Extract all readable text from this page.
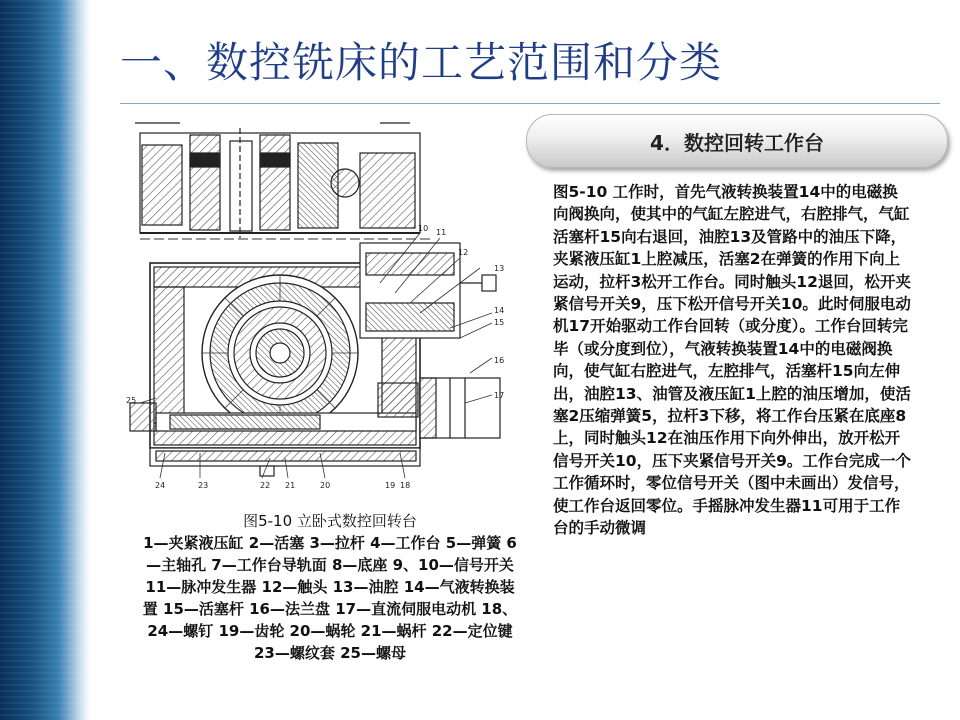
一、数控铣床的工艺范围和分类
4．数控回转工作台
10 11
12
13
14
15
16
17
18
19
20
21
22
23
24
25
图5-10 立卧式数控回转台
1—夹紧液压缸 2—活塞 3—拉杆 4—工作台 5—弹簧 6—主轴孔 7—工作台导轨面 8—底座 9、10—信号开关 11—脉冲发生器 12—触头 13—油腔 14—气液转换装置 15—活塞杆 16—法兰盘 17—直流伺服电动机 18、24—螺钉 19—齿轮 20—蜗轮 21—蜗杆 22—定位键 23—螺纹套 25—螺母
图5-10 工作时，首先气液转换装置14中的电磁换向阀换向，使其中的气缸左腔进气，右腔排气，气缸活塞杆15向右退回，油腔13及管路中的油压下降，夹紧液压缸1上腔减压，活塞2在弹簧的作用下向上运动，拉杆3松开工作台。同时触头12退回，松开夹紧信号开关9，压下松开信号开关10。此时伺服电动机17开始驱动工作台回转（或分度）。工作台回转完毕（或分度到位），气液转换装置14中的电磁阀换向，使气缸右腔进气，左腔排气，活塞杆15向左伸出，油腔13、油管及液压缸1上腔的油压增加，使活塞2压缩弹簧5，拉杆3下移，将工作台压紧在底座8上，同时触头12在油压作用下向外伸出，放开松开信号开关10，压下夹紧信号开关9。工作台完成一个工作循环时，零位信号开关（图中未画出）发信号，使工作台返回零位。手摇脉冲发生器11可用于工作台的手动微调
